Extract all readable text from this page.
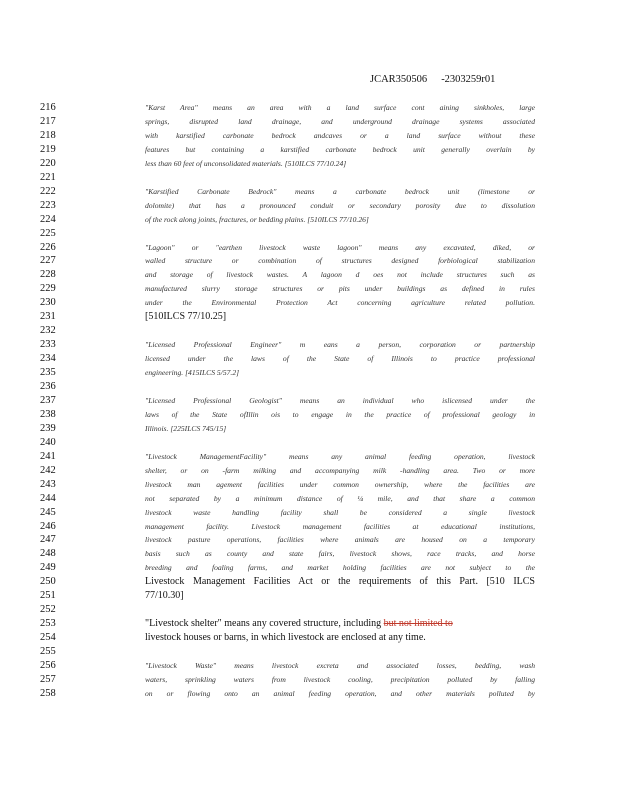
JCAR350506 -2303259r01
216	"Karst Area" means an area with a land surface cont aining sinkholes, large
217	springs, disrupted land drainage, and underground drainage systems associated
218	with karstified carbonate bedrock andcaves or a land surface without these
219	features but containing a karstified carbonate bedrock unit generally overlain by
220	less than 60 feet of unconsolidated materials. [510ILCS 77/10.24]
221
222	"Karstified Carbonate Bedrock" means a carbonate bedrock unit (limestone or
223	dolomite) that has a pronounced conduit or secondary porosity due to dissolution
224	of the rock along joints, fractures, or bedding plains. [510ILCS 77/10.26]
225
226	"Lagoon" or "earthen livestock waste lagoon" means any excavated, diked, or
227	walled structure or combination of structures designed forbiological stabilization
228	and storage of livestock wastes. A lagoon d oes not include structures such as
229	manufactured slurry storage structures or pits under buildings as defined in rules
230	under the Environmental Protection Act concerning agriculture related pollution.
231	[510ILCS 77/10.25]
232
233	"Licensed Professional Engineer" m eans a person, corporation or partnership
234	licensed under the laws of the State of Illinois to practice professional
235	engineering. [415ILCS 5/57.2]
236
237	"Licensed Professional Geologist" means an individual who islicensed under the
238	laws of the State ofIllin ois to engage in the practice of professional geology in
239	Illinois. [225ILCS 745/15]
240
241	"Livestock ManagementFacility" means any animal feeding operation, livestock
242	shelter, or on -farm milking and accompanying milk -handling area. Two or more
243	livestock man agement facilities under common ownership, where the facilities are
244	not separated by a minimum distance of ¼ mile, and that share a common
245	livestock waste handling facility shall be considered a single livestock
246	management facility. Livestock management facilities at educational institutions,
247	livestock pasture operations, facilities where animals are housed on a temporary
248	basis such as county and state fairs, livestock shows, race tracks, and horse
249	breeding and foaling farms, and market holding facilities are not subject to the
250	Livestock Management Facilities Act or the requirements of this Part. [510 ILCS
251	77/10.30]
252
253	"Livestock shelter" means any covered structure, including but not limited to
254	livestock houses or barns, in which livestock are enclosed at any time.
255
256	"Livestock Waste" means livestock excreta and associated losses, bedding, wash
257	waters, sprinkling waters from livestock cooling, precipitation polluted by falling
258	on or flowing onto an animal feeding operation, and other materials polluted by
